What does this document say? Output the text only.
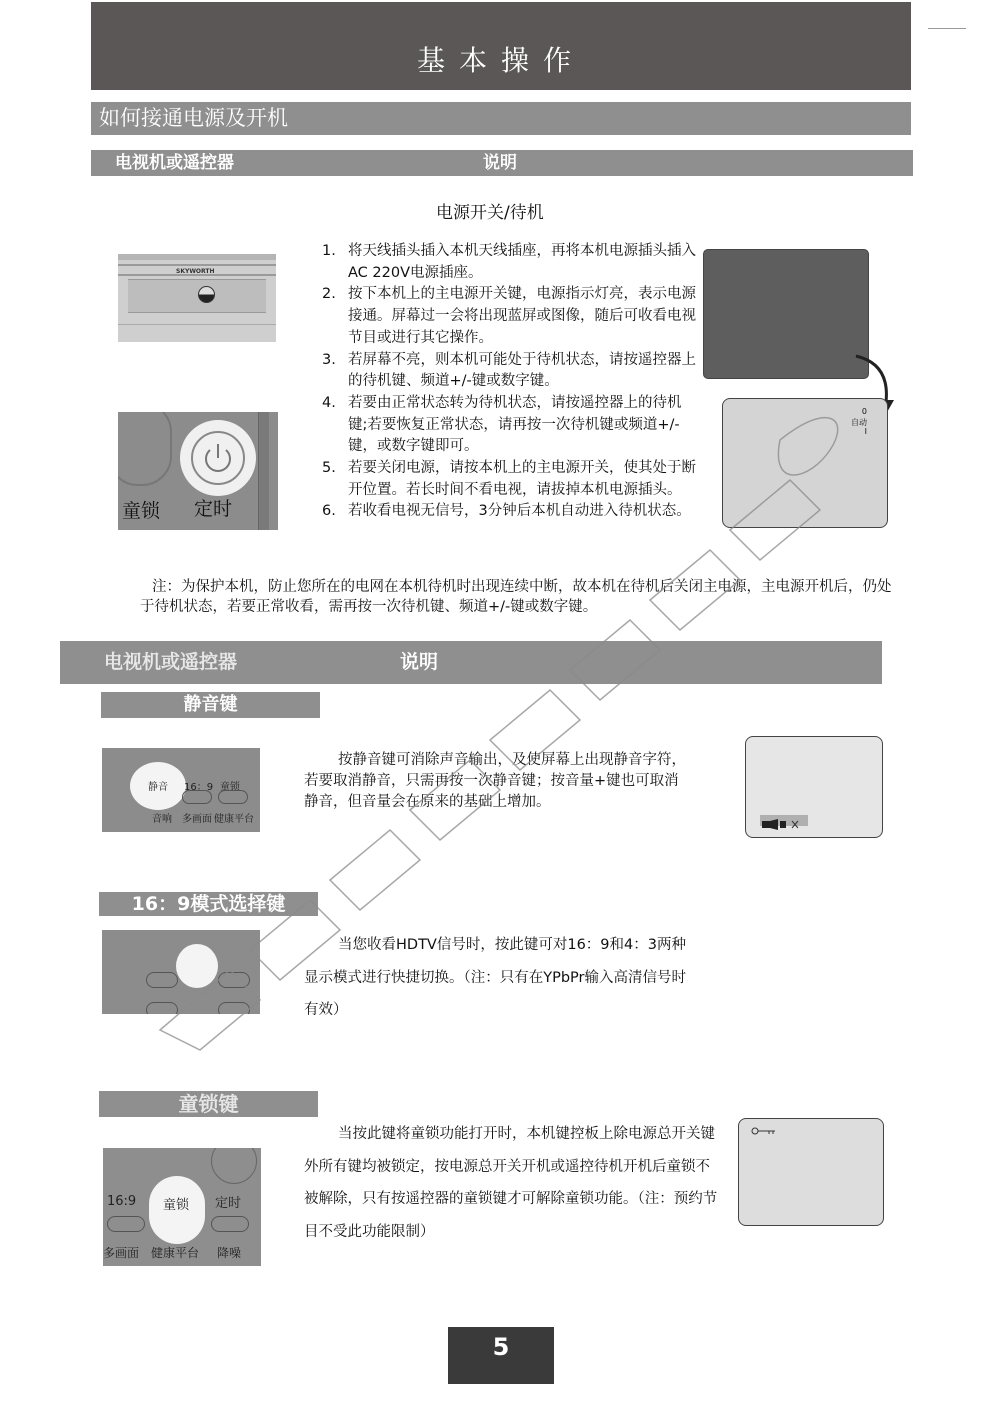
基本操作
如何接通电源及开机
电视机或遥控器	说明
电源开关/待机
SKYWORTH
童锁 定时
1. 将天线插头插入本机天线插座，再将本机电源插头插入AC 220V电源插座。
2. 按下本机上的主电源开关键，电源指示灯亮，表示电源接通。屏幕过一会将出现蓝屏或图像，随后可收看电视节目或进行其它操作。
3. 若屏幕不亮，则本机可能处于待机状态，请按遥控器上的待机键、频道+/-键或数字键。
4. 若要由正常状态转为待机状态，请按遥控器上的待机键;若要恢复正常状态，请再按一次待机键或频道+/-键，或数字键即可。
5. 若要关闭电源，请按本机上的主电源开关，使其处于断开位置。若长时间不看电视，请拔掉本机电源插头。
6. 若收看电视无信号，3分钟后本机自动进入待机状态。
0
自动
I
注：为保护本机，防止您所在的电网在本机待机时出现连续中断，故本机在待机后关闭主电源，主电源开机后，仍处于待机状态，若要正常收看，需再按一次待机键、频道+/-键或数字键。
电视机或遥控器	说明
静音键
静音 16：9 童锁
音响 多画面 健康平台
按静音键可消除声音输出，及使屏幕上出现静音字符，若要取消静音，只需再按一次静音键；按音量+键也可取消静音，但音量会在原来的基础上增加。
16：9模式选择键
当您收看HDTV信号时，按此键可对16：9和4：3两种显示模式进行快捷切换。（注：只有在YPbPr输入高清信号时有效）
童锁键
16:9 童锁 定时
多画面 健康平台 降噪
当按此键将童锁功能打开时，本机键控板上除电源总开关键外所有键均被锁定，按电源总开关开机或遥控待机开机后童锁不被解除，只有按遥控器的童锁键才可解除童锁功能。（注：预约节目不受此功能限制）
5
